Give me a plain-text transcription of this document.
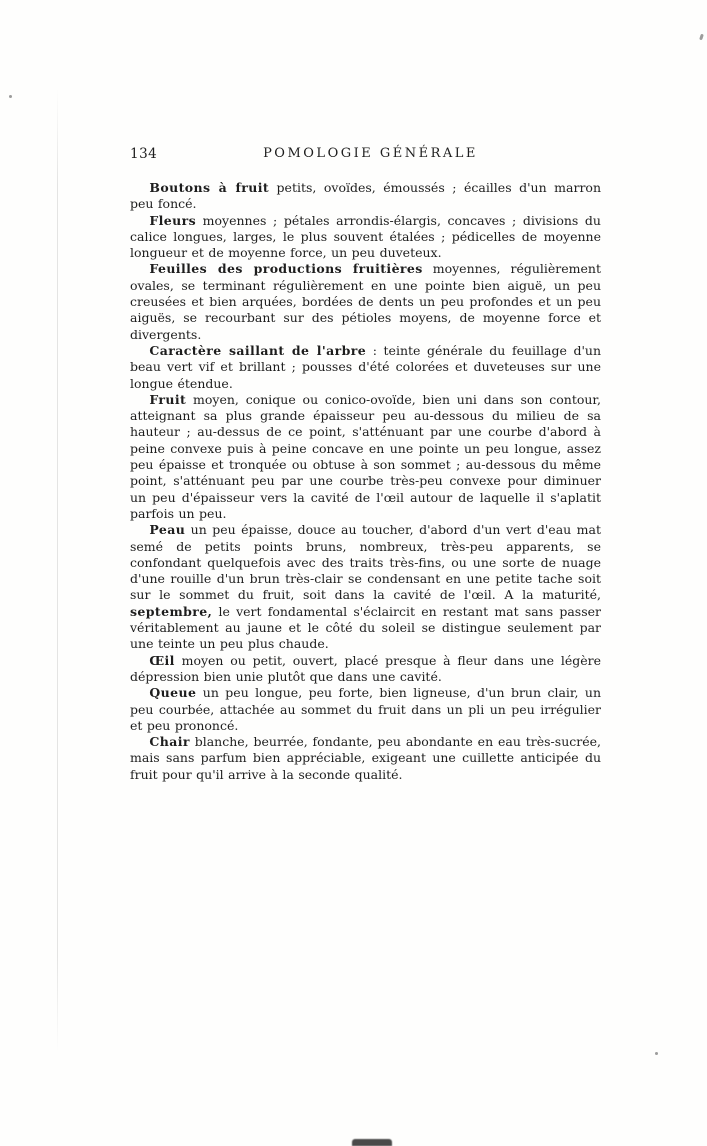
134	POMOLOGIE GÉNÉRALE

Boutons à fruit petits, ovoïdes, émoussés ; écailles d'un marron peu foncé.

Fleurs moyennes ; pétales arrondis-élargis, concaves ; divisions du calice longues, larges, le plus souvent étalées ; pédicelles de moyenne longueur et de moyenne force, un peu duveteux.

Feuilles des productions fruitières moyennes, régulièrement ovales, se terminant régulièrement en une pointe bien aiguë, un peu creusées et bien arquées, bordées de dents un peu profondes et un peu aiguës, se recourbant sur des pétioles moyens, de moyenne force et divergents.

Caractère saillant de l'arbre : teinte générale du feuillage d'un beau vert vif et brillant ; pousses d'été colorées et duveteuses sur une longue étendue.

Fruit moyen, conique ou conico-ovoïde, bien uni dans son contour, atteignant sa plus grande épaisseur peu au-dessous du milieu de sa hauteur ; au-dessus de ce point, s'atténuant par une courbe d'abord à peine convexe puis à peine concave en une pointe un peu longue, assez peu épaisse et tronquée ou obtuse à son sommet ; au-dessous du même point, s'atténuant peu par une courbe très-peu convexe pour diminuer un peu d'épaisseur vers la cavité de l'œil autour de laquelle il s'aplatit parfois un peu.

Peau un peu épaisse, douce au toucher, d'abord d'un vert d'eau mat semé de petits points bruns, nombreux, très-peu apparents, se confondant quelquefois avec des traits très-fins, ou une sorte de nuage d'une rouille d'un brun très-clair se condensant en une petite tache soit sur le sommet du fruit, soit dans la cavité de l'œil. A la maturité, septembre, le vert fondamental s'éclaircit en restant mat sans passer véritablement au jaune et le côté du soleil se distingue seulement par une teinte un peu plus chaude.

Œil moyen ou petit, ouvert, placé presque à fleur dans une légère dépression bien unie plutôt que dans une cavité.

Queue un peu longue, peu forte, bien ligneuse, d'un brun clair, un peu courbée, attachée au sommet du fruit dans un pli un peu irrégulier et peu prononcé.

Chair blanche, beurrée, fondante, peu abondante en eau très-sucrée, mais sans parfum bien appréciable, exigeant une cuillette anticipée du fruit pour qu'il arrive à la seconde qualité.
